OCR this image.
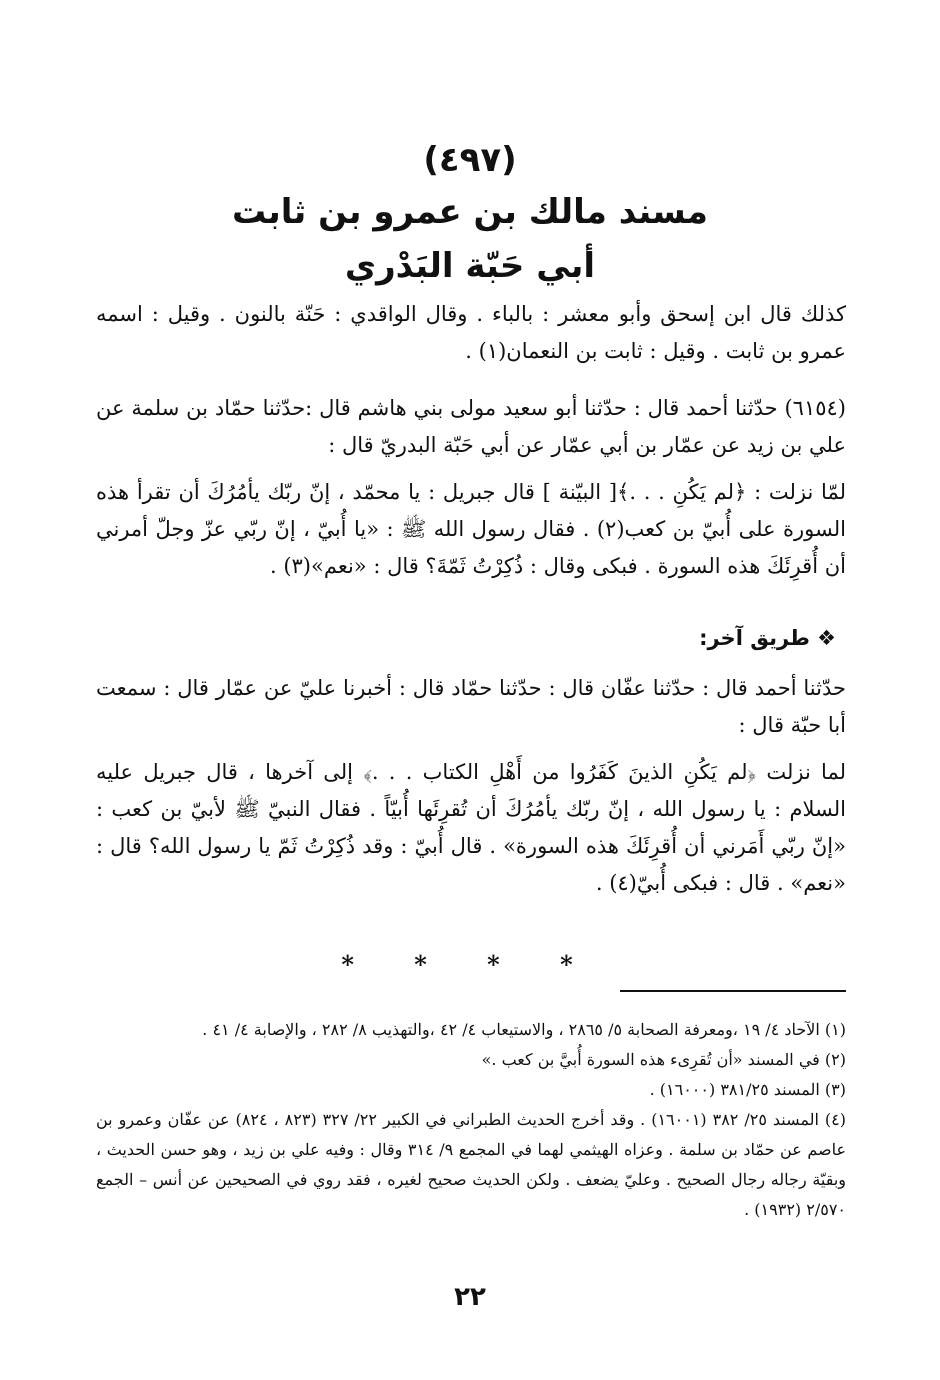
(٤٩٧)
مسند مالك بن عمرو بن ثابت
أبي حَبّة البَدْري

كذلك قال ابن إسحق وأبو معشر : بالباء . وقال الواقدي : حَنّة بالنون . وقيل : اسمه عمرو بن ثابت . وقيل : ثابت بن النعمان(١) .

(٦١٥٤) حدّثنا أحمد قال : حدّثنا أبو سعيد مولى بني هاشم قال :حدّثنا حمّاد بن سلمة عن علي بن زيد عن عمّار بن أبي عمّار عن أبي حَبّة البدريّ قال :

لمّا نزلت : ﴿لم يَكُنِ . . .﴾[ البيّنة ] قال جبريل : يا محمّد ، إنّ ربّك يأمُرُكَ أن تقرأ هذه السورة على أُبيّ بن كعب(٢) . فقال رسول الله ﷺ : «يا أُبيّ ، إنّ ربّي عزّ وجلّ أمرني أن أُقرِئَكَ هذه السورة . فبكى وقال : ذُكِرْتُ ثَمّةَ؟ قال : «نعم»(٣) .

❖ طريق آخر:

حدّثنا أحمد قال : حدّثنا عفّان قال : حدّثنا حمّاد قال : أخبرنا عليّ عن عمّار قال : سمعت أبا حبّة قال :

لما نزلت ﴿لم يَكُنِ الذينَ كَفَرُوا من أَهْلِ الكتاب . . .﴾ إلى آخرها ، قال جبريل عليه السلام : يا رسول الله ، إنّ ربّك يأمُرُكَ أن تُقرِئَها أُبيّاً . فقال النبيّ ﷺ لأبيّ بن كعب : «إنّ ربّي أَمَرني أن أُقرِئَكَ هذه السورة» . قال أُبيّ : وقد ذُكِرْتُ ثَمّ يا رسول الله؟ قال : «نعم» . قال : فبكى أُبيّ(٤) .

* * * *

(١) الآحاد ٤/ ١٩ ،ومعرفة الصحابة ٥/ ٢٨٦٥ ، والاستيعاب ٤/ ٤٢ ،والتهذيب ٨/ ٢٨٢ ، والإصابة ٤/ ٤١ .

(٢) في المسند «أن تُقرِىء هذه السورة أُبيَّ بن كعب .»

(٣) المسند ٣٨١/٢٥ (١٦٠٠٠) .

(٤) المسند ٢٥/ ٣٨٢ (١٦٠٠١) . وقد أخرج الحديث الطبراني في الكبير ٢٢/ ٣٢٧ (٨٢٣ ، ٨٢٤) عن عفّان وعمرو بن عاصم عن حمّاد بن سلمة . وعزاه الهيثمي لهما في المجمع ٩/ ٣١٤ وقال : وفيه علي بن زيد ، وهو حسن الحديث ، وبقيّة رجاله رجال الصحيح . وعليّ يضعف . ولكن الحديث صحيح لغيره ، فقد روي في الصحيحين عن أنس – الجمع ٢/٥٧٠ (١٩٣٢) .

٢٢
